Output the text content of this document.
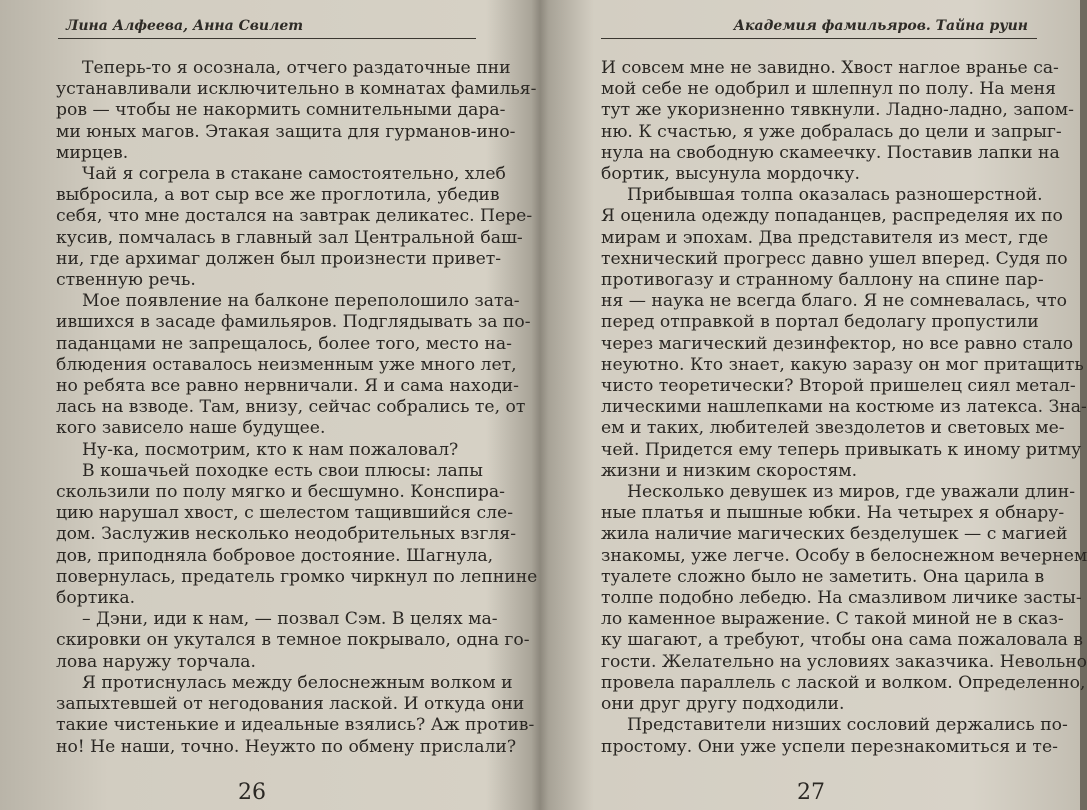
Лина Алфеева, Анна Свилет
Теперь-то я осознала, отчего раздаточные пни
устанавливали исключительно в комнатах фамилья-
ров — чтобы не накормить сомнительными дара-
ми юных магов. Этакая защита для гурманов-ино-
мирцев.
Чай я согрела в стакане самостоятельно, хлеб
выбросила, а вот сыр все же проглотила, убедив
себя, что мне достался на завтрак деликатес. Пере-
кусив, помчалась в главный зал Центральной баш-
ни, где архимаг должен был произнести привет-
ственную речь.
Мое появление на балконе переполошило зата-
ившихся в засаде фамильяров. Подглядывать за по-
паданцами не запрещалось, более того, место на-
блюдения оставалось неизменным уже много лет,
но ребята все равно нервничали. Я и сама находи-
лась на взводе. Там, внизу, сейчас собрались те, от
кого зависело наше будущее.
Ну-ка, посмотрим, кто к нам пожаловал?
В кошачьей походке есть свои плюсы: лапы
скользили по полу мягко и бесшумно. Конспира-
цию нарушал хвост, с шелестом тащившийся сле-
дом. Заслужив несколько неодобрительных взгля-
дов, приподняла бобровое достояние. Шагнула,
повернулась, предатель громко чиркнул по лепнине
бортика.
– Дэни, иди к нам, — позвал Сэм. В целях ма-
скировки он укутался в темное покрывало, одна го-
лова наружу торчала.
Я протиснулась между белоснежным волком и
запыхтевшей от негодования лаской. И откуда они
такие чистенькие и идеальные взялись? Аж против-
но! Не наши, точно. Неужто по обмену прислали?
26
Академия фамильяров. Тайна руин
И совсем мне не завидно. Хвост наглое вранье са-
мой себе не одобрил и шлепнул по полу. На меня
тут же укоризненно тявкнули. Ладно-ладно, запом-
ню. К счастью, я уже добралась до цели и запрыг-
нула на свободную скамеечку. Поставив лапки на
бортик, высунула мордочку.
Прибывшая толпа оказалась разношерстной.
Я оценила одежду попаданцев, распределяя их по
мирам и эпохам. Два представителя из мест, где
технический прогресс давно ушел вперед. Судя по
противогазу и странному баллону на спине пар-
ня — наука не всегда благо. Я не сомневалась, что
перед отправкой в портал бедолагу пропустили
через магический дезинфектор, но все равно стало
неуютно. Кто знает, какую заразу он мог притащить
чисто теоретически? Второй пришелец сиял метал-
лическими нашлепками на костюме из латекса. Зна-
ем и таких, любителей звездолетов и световых ме-
чей. Придется ему теперь привыкать к иному ритму
жизни и низким скоростям.
Несколько девушек из миров, где уважали длин-
ные платья и пышные юбки. На четырех я обнару-
жила наличие магических безделушек — с магией
знакомы, уже легче. Особу в белоснежном вечернем
туалете сложно было не заметить. Она царила в
толпе подобно лебедю. На смазливом личике засты-
ло каменное выражение. С такой миной не в сказ-
ку шагают, а требуют, чтобы она сама пожаловала в
гости. Желательно на условиях заказчика. Невольно
провела параллель с лаской и волком. Определенно,
они друг другу подходили.
Представители низших сословий держались по-
простому. Они уже успели перезнакомиться и те-
27
